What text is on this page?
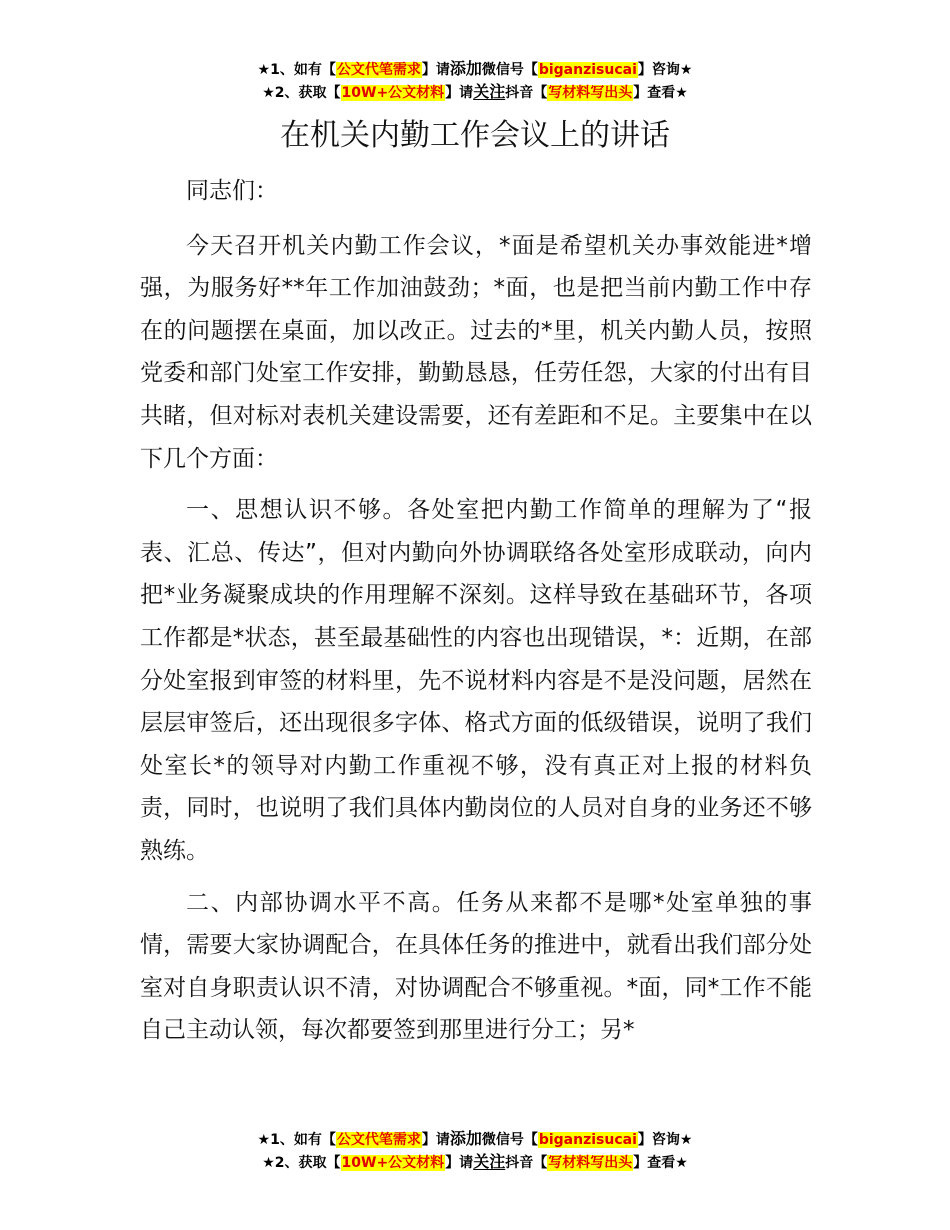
★1、如有【公文代笔需求】请添加微信号【biganzisucai】咨询★
★2、获取【10W+公文材料】请关注抖音【写材料写出头】查看★
在机关内勤工作会议上的讲话

同志们：

今天召开机关内勤工作会议，*面是希望机关办事效能进*增强，为服务好**年工作加油鼓劲；*面，也是把当前内勤工作中存在的问题摆在桌面，加以改正。过去的*里，机关内勤人员，按照党委和部门处室工作安排，勤勤恳恳，任劳任怨，大家的付出有目共睹，但对标对表机关建设需要，还有差距和不足。主要集中在以下几个方面：

一、思想认识不够。各处室把内勤工作简单的理解为了“报表、汇总、传达”，但对内勤向外协调联络各处室形成联动，向内把*业务凝聚成块的作用理解不深刻。这样导致在基础环节，各项工作都是*状态，甚至最基础性的内容也出现错误，*：近期，在部分处室报到审签的材料里，先不说材料内容是不是没问题，居然在层层审签后，还出现很多字体、格式方面的低级错误，说明了我们处室长*的领导对内勤工作重视不够，没有真正对上报的材料负责，同时，也说明了我们具体内勤岗位的人员对自身的业务还不够熟练。

二、内部协调水平不高。任务从来都不是哪*处室单独的事情，需要大家协调配合，在具体任务的推进中，就看出我们部分处室对自身职责认识不清，对协调配合不够重视。*面，同*工作不能自己主动认领，每次都要签到那里进行分工；另*

★1、如有【公文代笔需求】请添加微信号【biganzisucai】咨询★
★2、获取【10W+公文材料】请关注抖音【写材料写出头】查看★
